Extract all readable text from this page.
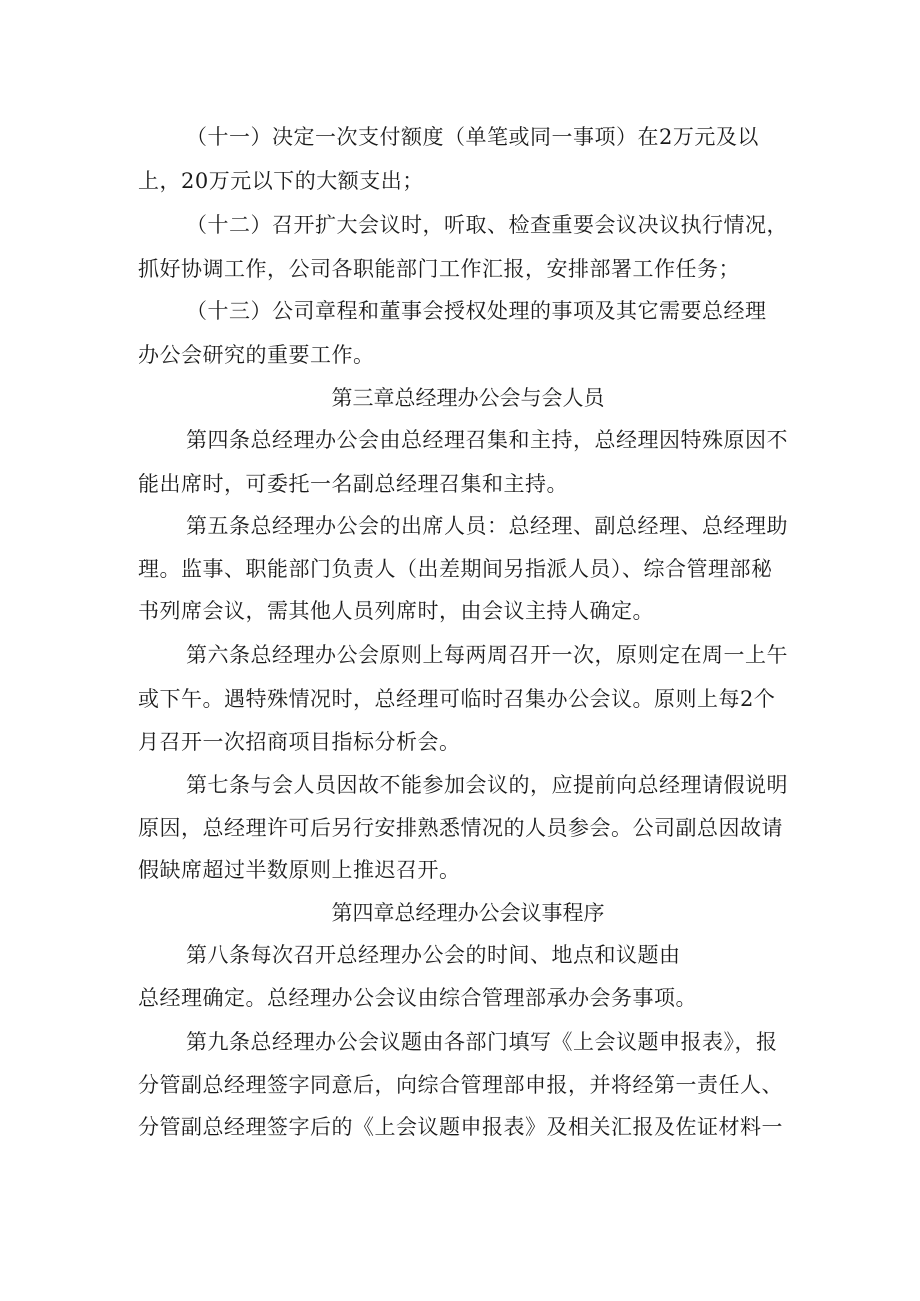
（十一）决定一次支付额度（单笔或同一事项）在2万元及以
上，20万元以下的大额支出；
（十二）召开扩大会议时，听取、检查重要会议决议执行情况，
抓好协调工作，公司各职能部门工作汇报，安排部署工作任务；
（十三）公司章程和董事会授权处理的事项及其它需要总经理
办公会研究的重要工作。
第三章总经理办公会与会人员
第四条总经理办公会由总经理召集和主持，总经理因特殊原因不
能出席时，可委托一名副总经理召集和主持。
第五条总经理办公会的出席人员：总经理、副总经理、总经理助
理。监事、职能部门负责人（出差期间另指派人员）、综合管理部秘
书列席会议，需其他人员列席时，由会议主持人确定。
第六条总经理办公会原则上每两周召开一次，原则定在周一上午
或下午。遇特殊情况时，总经理可临时召集办公会议。原则上每2个
月召开一次招商项目指标分析会。
第七条与会人员因故不能参加会议的，应提前向总经理请假说明
原因，总经理许可后另行安排熟悉情况的人员参会。公司副总因故请
假缺席超过半数原则上推迟召开。
第四章总经理办公会议事程序
第八条每次召开总经理办公会的时间、地点和议题由
总经理确定。总经理办公会议由综合管理部承办会务事项。
第九条总经理办公会议题由各部门填写《上会议题申报表》，报
分管副总经理签字同意后，向综合管理部申报，并将经第一责任人、
分管副总经理签字后的《上会议题申报表》及相关汇报及佐证材料一
